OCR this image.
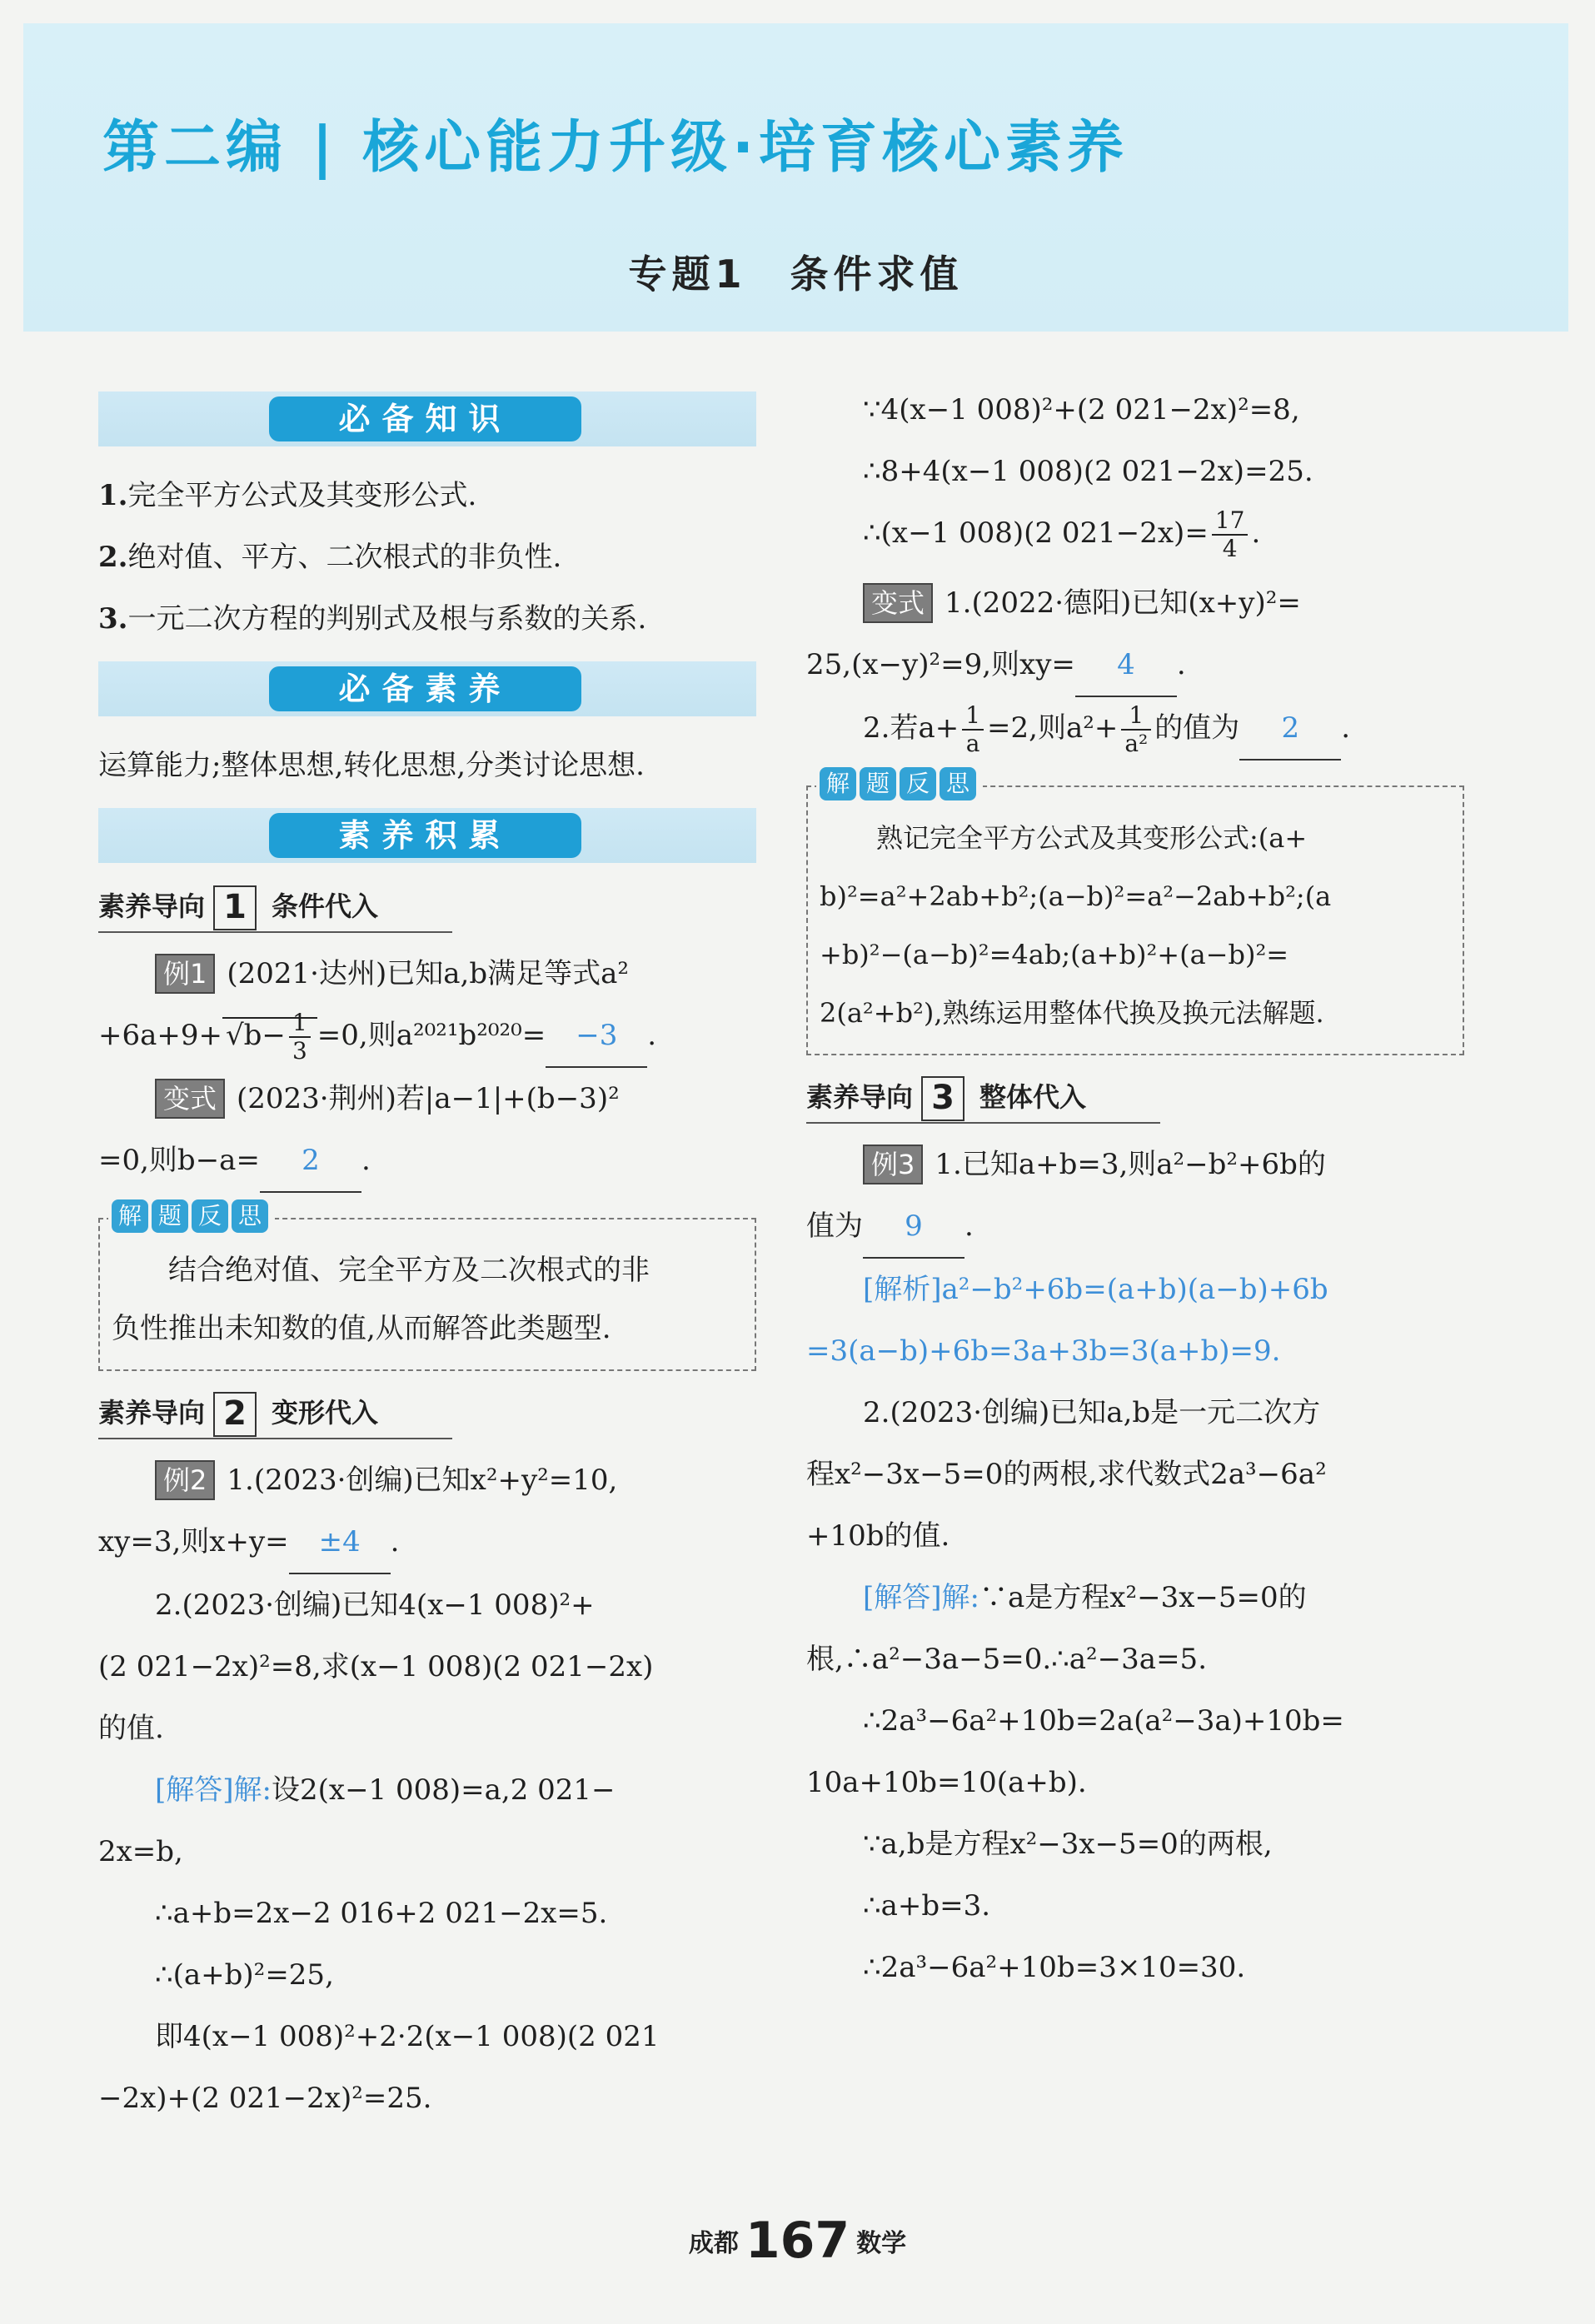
第二编 | 核心能力升级·培育核心素养
专题1　条件求值
必备知识

1.完全平方公式及其变形公式.

2.绝对值、平方、二次根式的非负性.

3.一元二次方程的判别式及根与系数的关系.

必备素养

运算能力;整体思想,转化思想,分类讨论思想.

素养积累
素养导向 1 条件代入

例1 (2021·达州)已知a,b满足等式a²

$+6a+9+ √b- \frac{1}{3} =0$,则a²⁰²¹b²⁰²⁰= −3 .

变式 (2023·荆州)若|a−1|+(b−3)²

=0,则b−a= 2 .

解 题 反 思

结合绝对值、完全平方及二次根式的非

负性推出未知数的值,从而解答此类题型.

素养导向 2 变形代入

例2 1.(2023·创编)已知x²+y²=10,

xy=3,则x+y= ±4 .

2.(2023·创编)已知4(x−1 008)²+

(2 021−2x)²=8,求(x−1 008)(2 021−2x)

的值.

[解答]解:设2(x−1 008)=a,2 021−

2x=b,

∴a+b=2x−2 016+2 021−2x=5.

∴(a+b)²=25,

即4(x−1 008)²+2·2(x−1 008)(2 021

−2x)+(2 021−2x)²=25.

∵4(x−1 008)²+(2 021−2x)²=8,

∴8+4(x−1 008)(2 021−2x)=25.

∴(x−1 008)(2 $021-2x)= \frac{17}{4}$ .

变式 1.(2022·德阳)已知(x+y)²=

25,(x−y)²=9,则xy= 4 .

2.若$a+ \frac{1}{a} =2$,则$a^2+ \frac{1}{\text{a²}}$ 的值为 2 .

解 题 反 思

熟记完全平方公式及其变形公式:(a+

b)²=a²+2ab+b²;(a−b)²=a²−2ab+b²;(a

+b)²−(a−b)²=4ab;(a+b)²+(a−b)²=

2(a²+b²),熟练运用整体代换及换元法解题.

素养导向 3 整体代入

例3 1.已知a+b=3,则a²−b²+6b的

值为 9 .

[解析]a²−b²+6b=(a+b)(a−b)+6b

=3(a−b)+6b=3a+3b=3(a+b)=9.

2.(2023·创编)已知a,b是一元二次方

程x²−3x−5=0的两根,求代数式2a³−6a²

+10b的值.

[解答]解:∵a是方程x²−3x−5=0的

根,∴a²−3a−5=0.∴a²−3a=5.

∴2a³−6a²+10b=2a(a²−3a)+10b=

10a+10b=10(a+b).

∵a,b是方程x²−3x−5=0的两根,

∴a+b=3.

∴2a³−6a²+10b=3×10=30.

成都 167 数学
